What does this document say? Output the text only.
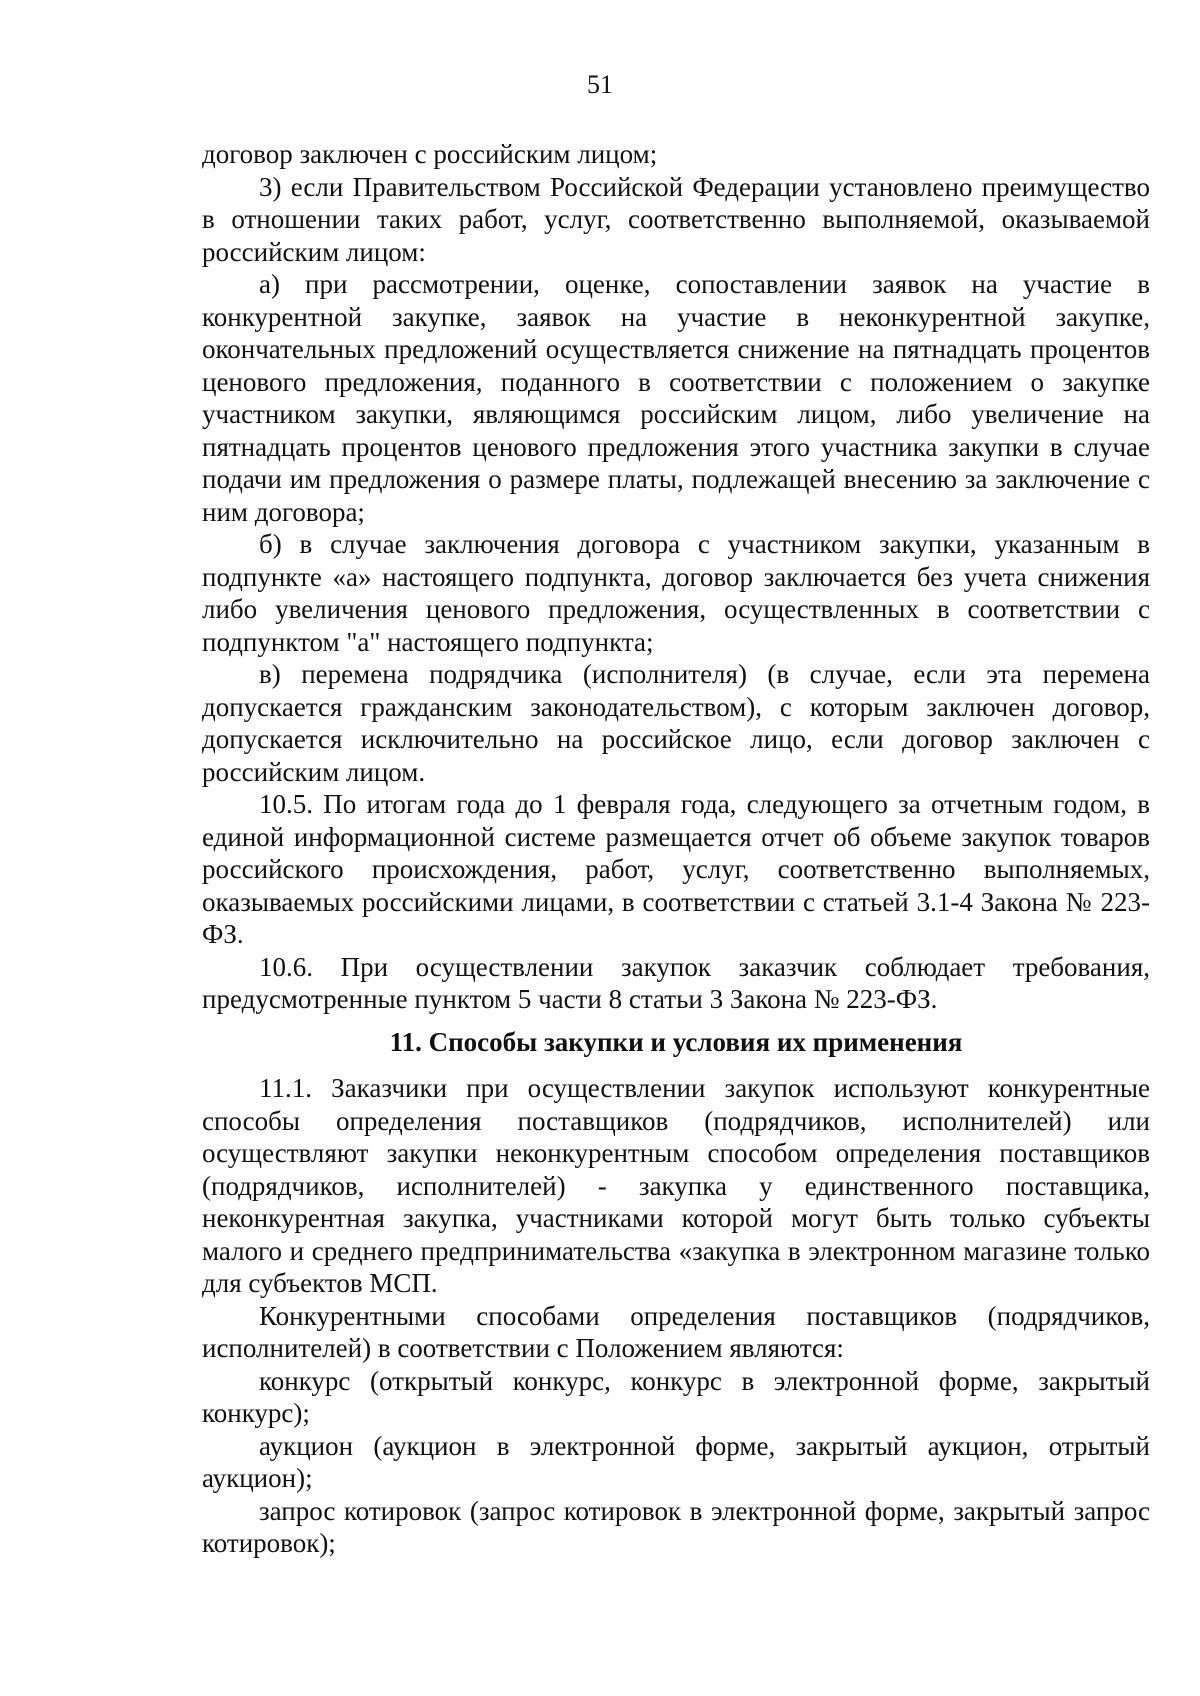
51

договор заключен с российским лицом;

3) если Правительством Российской Федерации установлено преимущество в отношении таких работ, услуг, соответственно выполняемой, оказываемой российским лицом:

а) при рассмотрении, оценке, сопоставлении заявок на участие в конкурентной закупке, заявок на участие в неконкурентной закупке, окончательных предложений осуществляется снижение на пятнадцать процентов ценового предложения, поданного в соответствии с положением о закупке участником закупки, являющимся российским лицом, либо увеличение на пятнадцать процентов ценового предложения этого участника закупки в случае подачи им предложения о размере платы, подлежащей внесению за заключение с ним договора;

б) в случае заключения договора с участником закупки, указанным в подпункте «а» настоящего подпункта, договор заключается без учета снижения либо увеличения ценового предложения, осуществленных в соответствии с подпунктом "а" настоящего подпункта;

в) перемена подрядчика (исполнителя) (в случае, если эта перемена допускается гражданским законодательством), с которым заключен договор, допускается исключительно на российское лицо, если договор заключен с российским лицом.

10.5. По итогам года до 1 февраля года, следующего за отчетным годом, в единой информационной системе размещается отчет об объеме закупок товаров российского происхождения, работ, услуг, соответственно выполняемых, оказываемых российскими лицами, в соответствии с статьей 3.1-4 Закона № 223-ФЗ.

10.6. При осуществлении закупок заказчик соблюдает требования, предусмотренные пунктом 5 части 8 статьи 3 Закона № 223-ФЗ.

11. Способы закупки и условия их применения

11.1. Заказчики при осуществлении закупок используют конкурентные способы определения поставщиков (подрядчиков, исполнителей) или осуществляют закупки неконкурентным способом определения поставщиков (подрядчиков, исполнителей) - закупка у единственного поставщика, неконкурентная закупка, участниками которой могут быть только субъекты малого и среднего предпринимательства «закупка в электронном магазине только для субъектов МСП.

Конкурентными способами определения поставщиков (подрядчиков, исполнителей) в соответствии с Положением являются:

конкурс (открытый конкурс, конкурс в электронной форме, закрытый конкурс);

аукцион (аукцион в электронной форме, закрытый аукцион, отрытый аукцион);

запрос котировок (запрос котировок в электронной форме, закрытый запрос котировок);
